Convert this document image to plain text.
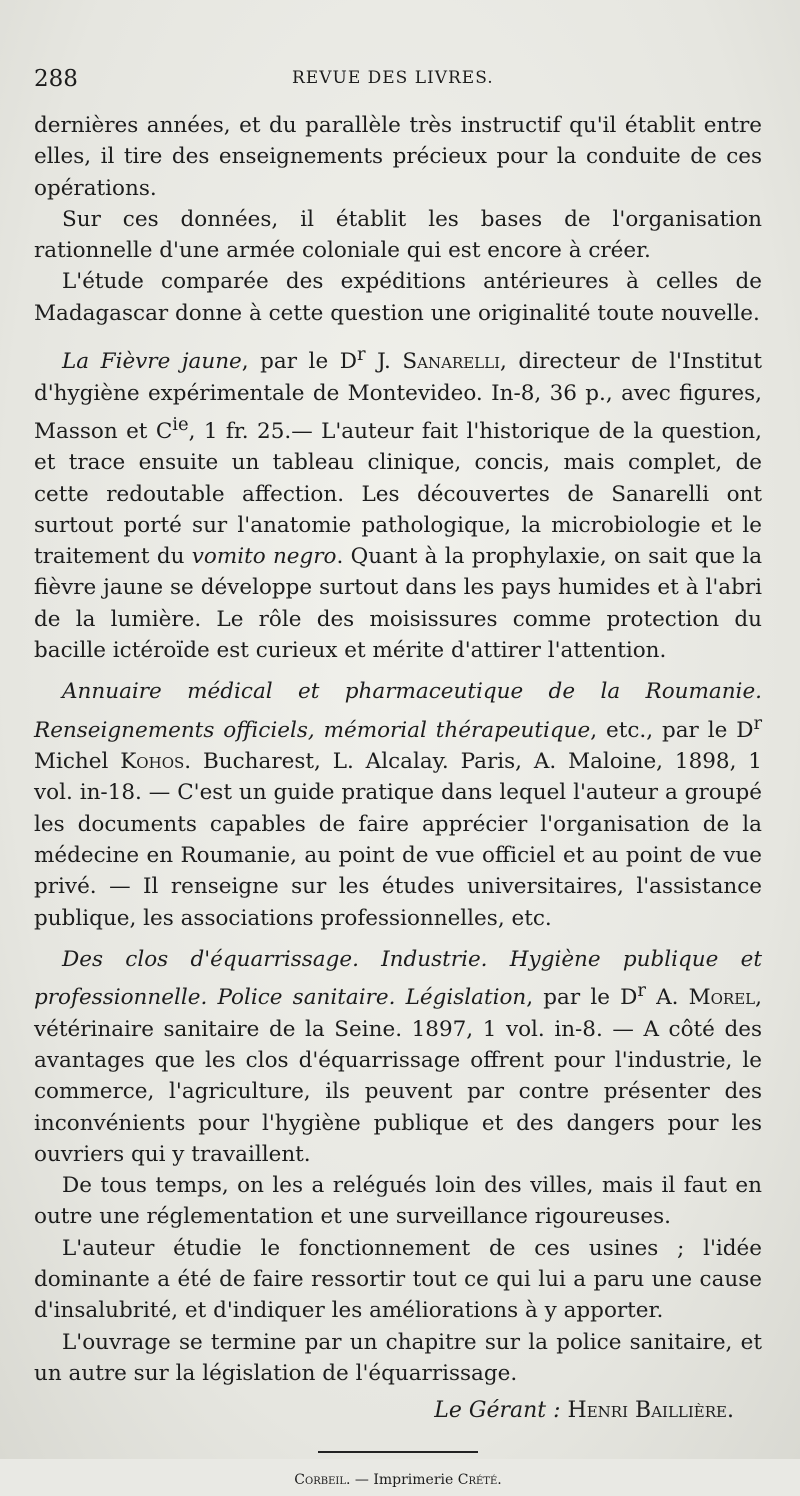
288	REVUE DES LIVRES.

dernières années, et du parallèle très instructif qu'il établit entre elles, il tire des enseignements précieux pour la conduite de ces opérations.

Sur ces données, il établit les bases de l'organisation rationnelle d'une armée coloniale qui est encore à créer.

L'étude comparée des expéditions antérieures à celles de Madagascar donne à cette question une originalité toute nouvelle.

La Fièvre jaune, par le $D^r$ J. Sanarelli, directeur de l'Institut d'hygiène expérimentale de Montevideo. In-8, 36 p., avec figures, Masson et $C^{ie}$, 1 fr. 25.— L'auteur fait l'historique de la question, et trace ensuite un tableau clinique, concis, mais complet, de cette redoutable affection. Les découvertes de Sanarelli ont surtout porté sur l'anatomie pathologique, la microbiologie et le traitement du vomito negro. Quant à la prophylaxie, on sait que la fièvre jaune se développe surtout dans les pays humides et à l'abri de la lumière. Le rôle des moisissures comme protection du bacille ictéroïde est curieux et mérite d'attirer l'attention.

Annuaire médical et pharmaceutique de la Roumanie. Renseignements officiels, mémorial thérapeutique, etc., par le $D^r$ Michel Kohos. Bucharest, L. Alcalay. Paris, A. Maloine, 1898, 1 vol. in-18. — C'est un guide pratique dans lequel l'auteur a groupé les documents capables de faire apprécier l'organisation de la médecine en Roumanie, au point de vue officiel et au point de vue privé. — Il renseigne sur les études universitaires, l'assistance publique, les associations professionnelles, etc.

Des clos d'équarrissage. Industrie. Hygiène publique et professionnelle. Police sanitaire. Législation, par le $D^r$ A. Morel, vétérinaire sanitaire de la Seine. 1897, 1 vol. in-8. — A côté des avantages que les clos d'équarrissage offrent pour l'industrie, le commerce, l'agriculture, ils peuvent par contre présenter des inconvénients pour l'hygiène publique et des dangers pour les ouvriers qui y travaillent.

De tous temps, on les a relégués loin des villes, mais il faut en outre une réglementation et une surveillance rigoureuses.

L'auteur étudie le fonctionnement de ces usines ; l'idée dominante a été de faire ressortir tout ce qui lui a paru une cause d'insalubrité, et d'indiquer les améliorations à y apporter.

L'ouvrage se termine par un chapitre sur la police sanitaire, et un autre sur la législation de l'équarrissage.

Le Gérant : Henri Baillière.

Corbeil. — Imprimerie Crété.
